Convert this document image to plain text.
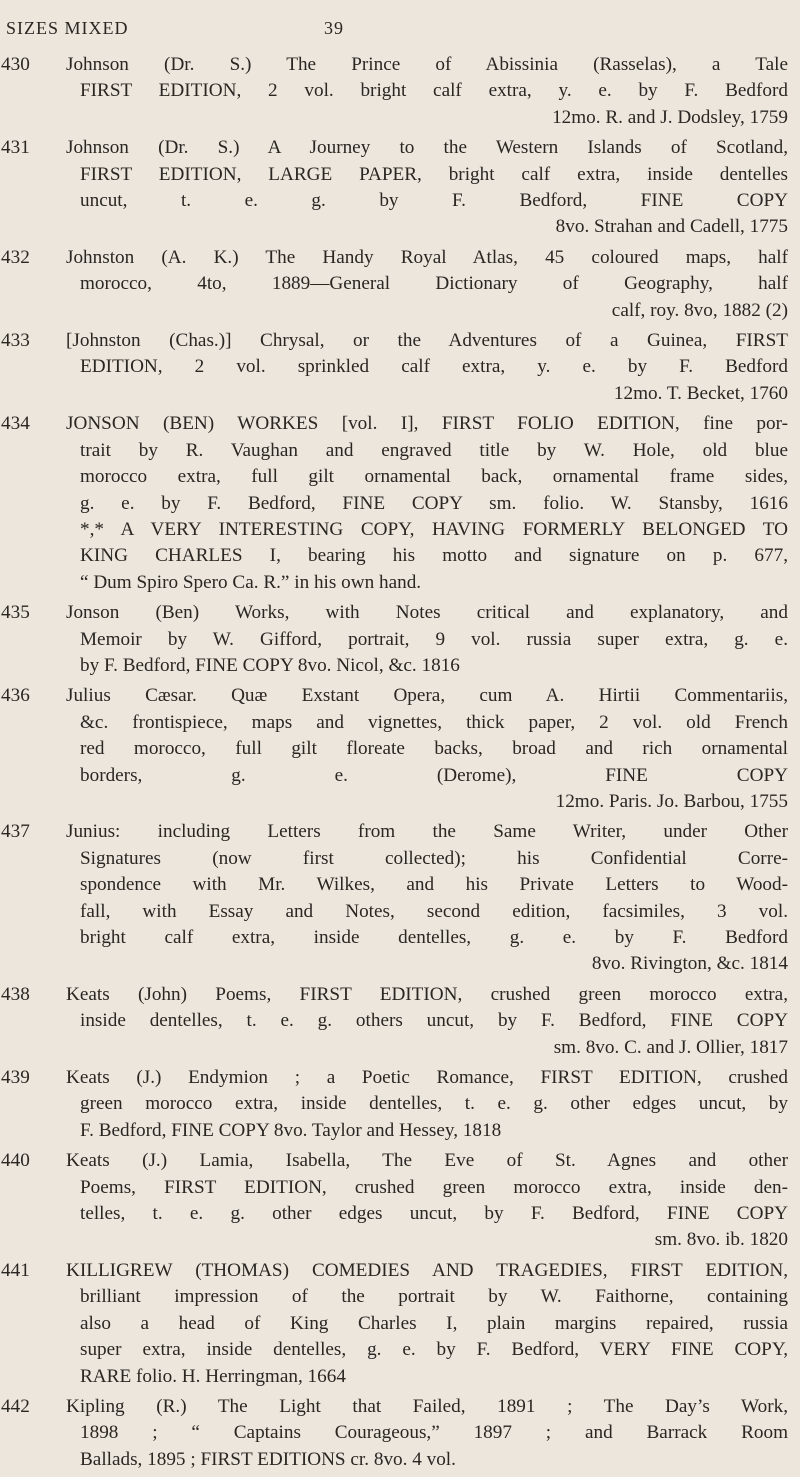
SIZES MIXED	39
430	Johnson (Dr. S.) The Prince of Abissinia (Rasselas), a Tale
FIRST EDITION, 2 vol. bright calf extra, y. e. by F. Bedford
12mo. R. and J. Dodsley, 1759
431	Johnson (Dr. S.) A Journey to the Western Islands of Scotland,
FIRST EDITION, LARGE PAPER, bright calf extra, inside dentelles
uncut, t. e. g. by F. Bedford, FINE COPY
8vo. Strahan and Cadell, 1775
432	Johnston (A. K.) The Handy Royal Atlas, 45 coloured maps, half
morocco, 4to, 1889—General Dictionary of Geography, half
calf, roy. 8vo, 1882 (2)
433	[Johnston (Chas.)] Chrysal, or the Adventures of a Guinea, FIRST
EDITION, 2 vol. sprinkled calf extra, y. e. by F. Bedford
12mo. T. Becket, 1760
434	JONSON (BEN) WORKES [vol. I], FIRST FOLIO EDITION, fine por-
trait by R. Vaughan and engraved title by W. Hole, old blue
morocco extra, full gilt ornamental back, ornamental frame sides,
g. e. by F. Bedford, FINE COPY sm. folio. W. Stansby, 1616
*,* A VERY INTERESTING COPY, HAVING FORMERLY BELONGED TO
KING CHARLES I, bearing his motto and signature on p. 677,
“ Dum Spiro Spero Ca. R.” in his own hand.
435	Jonson (Ben) Works, with Notes critical and explanatory, and
Memoir by W. Gifford, portrait, 9 vol. russia super extra, g. e.
by F. Bedford, FINE COPY 8vo. Nicol, &c. 1816
436	Julius Cæsar. Quæ Exstant Opera, cum A. Hirtii Commentariis,
&c. frontispiece, maps and vignettes, thick paper, 2 vol. old French
red morocco, full gilt floreate backs, broad and rich ornamental
borders, g. e. (Derome), FINE COPY
12mo. Paris. Jo. Barbou, 1755
437	Junius: including Letters from the Same Writer, under Other
Signatures (now first collected); his Confidential Corre-
spondence with Mr. Wilkes, and his Private Letters to Wood-
fall, with Essay and Notes, second edition, facsimiles, 3 vol.
bright calf extra, inside dentelles, g. e. by F. Bedford
8vo. Rivington, &c. 1814
438	Keats (John) Poems, FIRST EDITION, crushed green morocco extra,
inside dentelles, t. e. g. others uncut, by F. Bedford, FINE COPY
sm. 8vo. C. and J. Ollier, 1817
439	Keats (J.) Endymion ; a Poetic Romance, FIRST EDITION, crushed
green morocco extra, inside dentelles, t. e. g. other edges uncut, by
F. Bedford, FINE COPY 8vo. Taylor and Hessey, 1818
440	Keats (J.) Lamia, Isabella, The Eve of St. Agnes and other
Poems, FIRST EDITION, crushed green morocco extra, inside den-
telles, t. e. g. other edges uncut, by F. Bedford, FINE COPY
sm. 8vo. ib. 1820
441	KILLIGREW (THOMAS) COMEDIES AND TRAGEDIES, FIRST EDITION,
brilliant impression of the portrait by W. Faithorne, containing
also a head of King Charles I, plain margins repaired, russia
super extra, inside dentelles, g. e. by F. Bedford, VERY FINE COPY,
RARE folio. H. Herringman, 1664
442	Kipling (R.) The Light that Failed, 1891 ; The Day’s Work,
1898 ; “ Captains Courageous,” 1897 ; and Barrack Room
Ballads, 1895 ; FIRST EDITIONS cr. 8vo. 4 vol.
